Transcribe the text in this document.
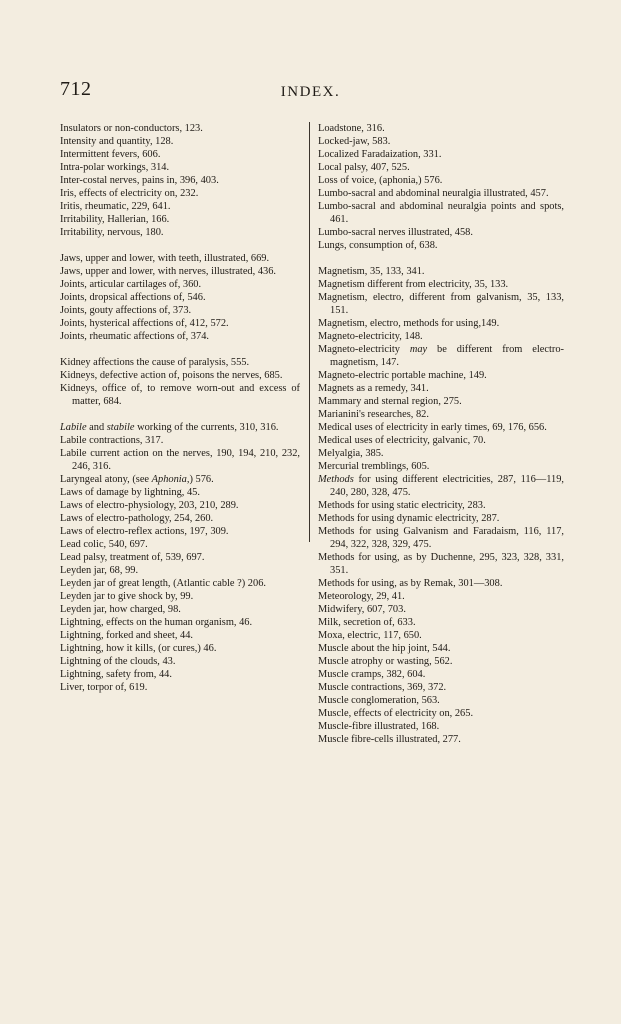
712	INDEX.
Insulators or non-conductors, 123.
Intensity and quantity, 128.
Intermittent fevers, 606.
Intra-polar workings, 314.
Inter-costal nerves, pains in, 396, 403.
Iris, effects of electricity on, 232.
Iritis, rheumatic, 229, 641.
Irritability, Hallerian, 166.
Irritability, nervous, 180.
Jaws, upper and lower, with teeth, illustrated, 669.
Jaws, upper and lower, with nerves, illustrated, 436.
Joints, articular cartilages of, 360.
Joints, dropsical affections of, 546.
Joints, gouty affections of, 373.
Joints, hysterical affections of, 412, 572.
Joints, rheumatic affections of, 374.
Kidney affections the cause of paralysis, 555.
Kidneys, defective action of, poisons the nerves, 685.
Kidneys, office of, to remove worn-out and excess of matter, 684.
Labile and stabile working of the currents, 310, 316.
Labile contractions, 317.
Labile current action on the nerves, 190, 194, 210, 232, 246, 316.
Laryngeal atony, (see Aphonia,) 576.
Laws of damage by lightning, 45.
Laws of electro-physiology, 203, 210, 289.
Laws of electro-pathology, 254, 260.
Laws of electro-reflex actions, 197, 309.
Lead colic, 540, 697.
Lead palsy, treatment of, 539, 697.
Leyden jar, 68, 99.
Leyden jar of great length, (Atlantic cable ?) 206.
Leyden jar to give shock by, 99.
Leyden jar, how charged, 98.
Lightning, effects on the human organism, 46.
Lightning, forked and sheet, 44.
Lightning, how it kills, (or cures,) 46.
Lightning of the clouds, 43.
Lightning, safety from, 44.
Liver, torpor of, 619.
Loadstone, 316.
Locked-jaw, 583.
Localized Faradaization, 331.
Local palsy, 407, 525.
Loss of voice, (aphonia,) 576.
Lumbo-sacral and abdominal neuralgia illustrated, 457.
Lumbo-sacral and abdominal neuralgia points and spots, 461.
Lumbo-sacral nerves illustrated, 458.
Lungs, consumption of, 638.
Magnetism, 35, 133, 341.
Magnetism different from electricity, 35, 133.
Magnetism, electro, different from galvanism, 35, 133, 151.
Magnetism, electro, methods for using,149.
Magneto-electricity, 148.
Magneto-electricity may be different from electro-magnetism, 147.
Magneto-electric portable machine, 149.
Magnets as a remedy, 341.
Mammary and sternal region, 275.
Marianini's researches, 82.
Medical uses of electricity in early times, 69, 176, 656.
Medical uses of electricity, galvanic, 70.
Melyalgia, 385.
Mercurial tremblings, 605.
Methods for using different electricities, 287, 116—119, 240, 280, 328, 475.
Methods for using static electricity, 283.
Methods for using dynamic electricity, 287.
Methods for using Galvanism and Faradaism, 116, 117, 294, 322, 328, 329, 475.
Methods for using, as by Duchenne, 295, 323, 328, 331, 351.
Methods for using, as by Remak, 301—308.
Meteorology, 29, 41.
Midwifery, 607, 703.
Milk, secretion of, 633.
Moxa, electric, 117, 650.
Muscle about the hip joint, 544.
Muscle atrophy or wasting, 562.
Muscle cramps, 382, 604.
Muscle contractions, 369, 372.
Muscle conglomeration, 563.
Muscle, effects of electricity on, 265.
Muscle-fibre illustrated, 168.
Muscle fibre-cells illustrated, 277.
